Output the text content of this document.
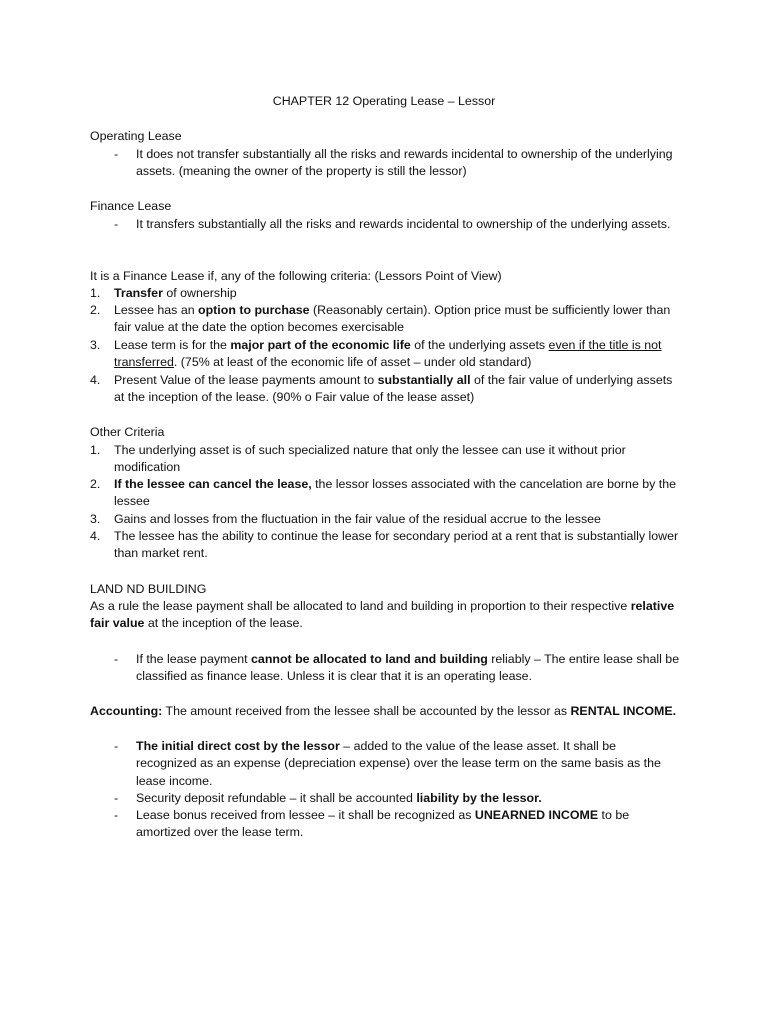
CHAPTER 12 Operating Lease – Lessor
Operating Lease
- It does not transfer substantially all the risks and rewards incidental to ownership of the underlying assets. (meaning the owner of the property is still the lessor)
Finance Lease
- It transfers substantially all the risks and rewards incidental to ownership of the underlying assets.
It is a Finance Lease if, any of the following criteria: (Lessors Point of View)
1. Transfer of ownership
2. Lessee has an option to purchase (Reasonably certain). Option price must be sufficiently lower than fair value at the date the option becomes exercisable
3. Lease term is for the major part of the economic life of the underlying assets even if the title is not transferred. (75% at least of the economic life of asset – under old standard)
4. Present Value of the lease payments amount to substantially all of the fair value of underlying assets at the inception of the lease. (90% o Fair value of the lease asset)
Other Criteria
1. The underlying asset is of such specialized nature that only the lessee can use it without prior modification
2. If the lessee can cancel the lease, the lessor losses associated with the cancelation are borne by the lessee
3. Gains and losses from the fluctuation in the fair value of the residual accrue to the lessee
4. The lessee has the ability to continue the lease for secondary period at a rent that is substantially lower than market rent.
LAND ND BUILDING
As a rule the lease payment shall be allocated to land and building in proportion to their respective relative fair value at the inception of the lease.
- If the lease payment cannot be allocated to land and building reliably – The entire lease shall be classified as finance lease. Unless it is clear that it is an operating lease.
Accounting: The amount received from the lessee shall be accounted by the lessor as RENTAL INCOME.
- The initial direct cost by the lessor – added to the value of the lease asset. It shall be recognized as an expense (depreciation expense) over the lease term on the same basis as the lease income.
- Security deposit refundable – it shall be accounted liability by the lessor.
- Lease bonus received from lessee – it shall be recognized as UNEARNED INCOME to be amortized over the lease term.
